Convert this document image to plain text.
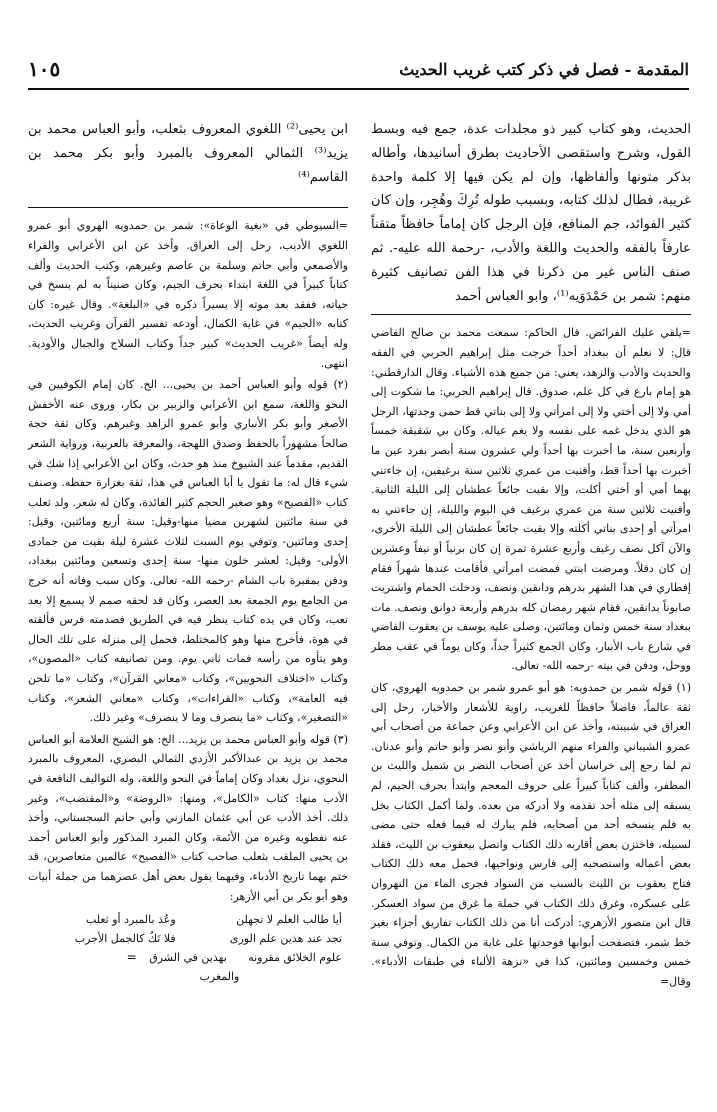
المقدمة - فصل في ذكر كتب غريب الحديث
١٠٥

الحديث، وهو كتاب كبير ذو مجلدات عدة، جمع فيه وبسط القول، وشرح واستقصى الأحاديث بطرق أسانيدها، وأطاله بذكر متونها وألفاظها، وإن لم يكن فيها إلا كلمة واحدة غريبة، فطال لذلك كتابه، وبسبب طوله تُرِكَ وهُجِر، وإن كان كثير الفوائد، جم المنافع، فإن الرجل كان إماماً حافظاً متقناً عارفاً بالفقه والحديث واللغة والأدب، -رحمة الله عليه-. ثم صنف الناس غير من ذكرنا في هذا الفن تصانيف كثيرة منهم: شمر بن حَمْدَوَيه⁽¹⁾، وابو العباس أحمد

=يلقي عليك الفرائض. قال الحاكم: سمعت محمد بن صالح القاضي قال: لا نعلم أن ببغداد أحداً خرجت مثل إبراهيم الحربي في الفقه والحديث والأدب والزهد، يعني: من جميع هذه الأشياء. وقال الدارقطني: هو إمام بارع في كل علم، صدوق. قال إبراهيم الحربي: ما شكوت إلى أمي ولا إلى أختي ولا إلى امرأتي ولا إلى بناتي قط حمى وجدتها، الرجل هو الذي يدخل غمه على نفسه ولا يغم عياله. وكان بي شقيقة خمساً وأربعين سنة، ما أخبرت بها أحداً ولي عشرون سنة أبصر بفرد عين ما أخبرت بها أحداً قط، وأفنيت من عمري ثلاثين سنة برغيفين، إن جاءتني بهما أمي أو أختي أكلت، وإلا بقيت جائعاً عطشان إلى الليلة الثانية. وأفنيت ثلاثين سنة من عمري برغيف في اليوم والليلة، إن جاءتني به امرأتي أو إحدى بناتي أكلته وإلا بقيت جائعاً عطشان إلى الليلة الأخرى، والآن آكل نصف رغيف وأربع عشرة تمرة إن كان برنياً أو نيفاً وعشرين إن كان دقلاً. ومرضت ابنتي فمضت امرأتي فأقامت عندها شهراً فقام إفطاري في هذا الشهر بدرهم ودانقين ونصف، ودخلت الحمام واشتريت صابوناً بدانقين، فقام شهر رمضان كله بدرهم وأربعة دوانق ونصف. مات ببغداد سنة خمس وثمان ومائتين، وصلى عليه يوسف بن يعقوب القاضي في شارع باب الأنبار، وكان الجمع كثيراً جداً، وكان يوماً في عقب مطر ووحل، ودفن في بيته -رحمه الله- تعالى.

(١) قوله شمر بن حمدويه: هو أبو عمرو شمر بن حمدويه الهروي، كان ثقة عالماً، فاضلاً حافظاً للغريب، راوية للأشعار والأخبار، رحل إلى العراق في شبيبته، وأخذ عن ابن الأعرابي وعن جماعة من أصحاب أبي عمرو الشيباني والفراء منهم الرياشي وأبو نصر وأبو حاتم وأبو عدنان. ثم لما رجع إلى خراسان أخذ عن أصحاب النضر بن شميل والليث بن المظفر، وألف كتاباً كبيراً على حروف المعجم وابتدأ بحرف الجيم، لم يسبقه إلى مثله أحد تقدمه ولا أدركه من بعده. ولما أكمل الكتاب بخل به فلم ينسخه أحد من أصحابه، فلم يبارك له فيما فعله حتى مضى لسبيله، فاختزن بعض أقاربه ذلك الكتاب واتصل بيعقوب بن الليث، فقلد بعض أعماله واستصحبه إلى فارس ونواحيها، فحمل معه ذلك الكتاب فتاح يعقوب بن الليث بالسبب من السواد فجرى الماء من النهروان على عسكره، وغرق ذلك الكتاب في جملة ما غرق من سواد العسكر. قال ابن منصور الأزهري: أدركت أنا من ذلك الكتاب تفاريق أجزاء بغير خط شمر، فتصفحت أبوابها فوجدتها على غاية من الكمال. وتوفي سنة خمس وخمسين ومائتين، كذا في «نزهة الألباء في طبقات الأدباء». وقال=

ابن يحيى⁽²⁾ اللغوي المعروف بثعلب، وأبو العباس محمد بن يزيد⁽³⁾ الثمالي المعروف بالمبرد وأبو بكر محمد بن القاسم⁽⁴⁾

=السيوطي في «بغية الوعاة»: شمر بن حمدويه الهروي أبو عمرو اللغوي الأديب، رحل إلى العراق. وأخذ عن ابن الأعرابي والفراء والأصمعي وأبي حاتم وسلمة بن عاصم وغيرهم، وكتب الحديث وألف كتاباً كبيراً في اللغة ابتداء بحرف الجيم، وكان ضنيناً به لم ينسخ في حياته، ففقد بعد موته إلا يسيراً ذكره في «البلغة». وقال غيره: كان كتابه «الجيم» في غاية الكمال، أودعه تفسير القرآن وغريب الحديث، وله أيضاً «غريب الحديث» كبير جداً وكتاب السلاح والجبال والأودية. انتهى.

(٢) قوله وأبو العباس أحمد بن يحيى... الخ. كان إمام الكوفيين في النحو واللغة، سمع ابن الأعرابي والزبير بن بكار، وروى عنه الأخفش الأصغر وأبو بكر الأنباري وأبو عمرو الزاهد وغيرهم. وكان ثقة حجة صالحاً مشهوراً بالحفظ وصدق اللهجة، والمعرفة بالعربية، ورواية الشعر القديم، مقدماً عند الشيوخ منذ هو حدث، وكان ابن الأعرابي إذا شك في شيء قال له: ما تقول يا أبا العباس في هذا، ثقة بغزارة حفظه. وصنف كتاب «الفصيح» وهو صغير الحجم كثير الفائدة، وكان له شعر. ولد ثعلب في سنة مائتين لشهرين مضيا منها-وقيل: سنة أربع ومائتين، وقيل: إحدى ومائتين- وتوفي يوم السبت لثلاث عشرة ليلة بقيت من جمادى الأولى- وقيل: لعشر خلون منها- سنة إحدى وتسعين ومائتين ببغداد، ودفن بمقبرة باب الشام -رحمه الله- تعالى. وكان سبب وفاته أنه خرج من الجامع يوم الجمعة بعد العصر، وكان قد لحقه صمم لا يسمع إلا بعد تعب، وكان في يده كتاب ينظر فيه في الطريق فصدمته فرس فألقته في هوة، فأخرج منها وهو كالمختلط، فحمل إلى منزله على تلك الحال وهو يتأوه من رأسه فمات ثاني يوم. ومن تصانيفه كتاب «المصون»، وكتاب «اختلاف النحويين»، وكتاب «معاني القرآن»، وكتاب «ما تلحن فيه العامة»، وكتاب «القراءات»، وكتاب «معاني الشعر»، وكتاب «التصغير»، وكتاب «ما ينصرف وما لا ينصرف» وغير ذلك.

(٣) قوله وأبو العباس محمد بن يزيد... الخ: هو الشيخ العلامة أبو العباس محمد بن يزيد بن عبدالأكبر الأزدي الثمالي البصري، المعروف بالمبرد النحوي، نزل بغداد وكان إماماً في النحو واللغة، وله التواليف النافعة في الأدب منها: كتاب «الكامل»، ومنها: «الروضة» و«المقتضب»، وغير ذلك. أخذ الأدب عن أبي عثمان المازني وأبي حاتم السجستاني، وأخذ عنه نفطويه وغيره من الأئمة، وكان المبرد المذكور وأبو العباس أحمد بن يحيى الملقب بثعلب صاحب كتاب «الفصيح» عالمين متعاصرين، قد ختم بهما تاريخ الأدباء، وفيهما يقول بعض أهل عصرهما من جملة أبيات وهو أبو بكر بن أبي الأزهر:

أيا طالب العلم لا تجهلن
وعُذ بالمبرد أو ثعلب
تجد عند هذين علم الورى
فلا تَكُ كالجمل الأجرب
علوم الخلائق مقرونه
بهذين في الشرق والمغرب
=
